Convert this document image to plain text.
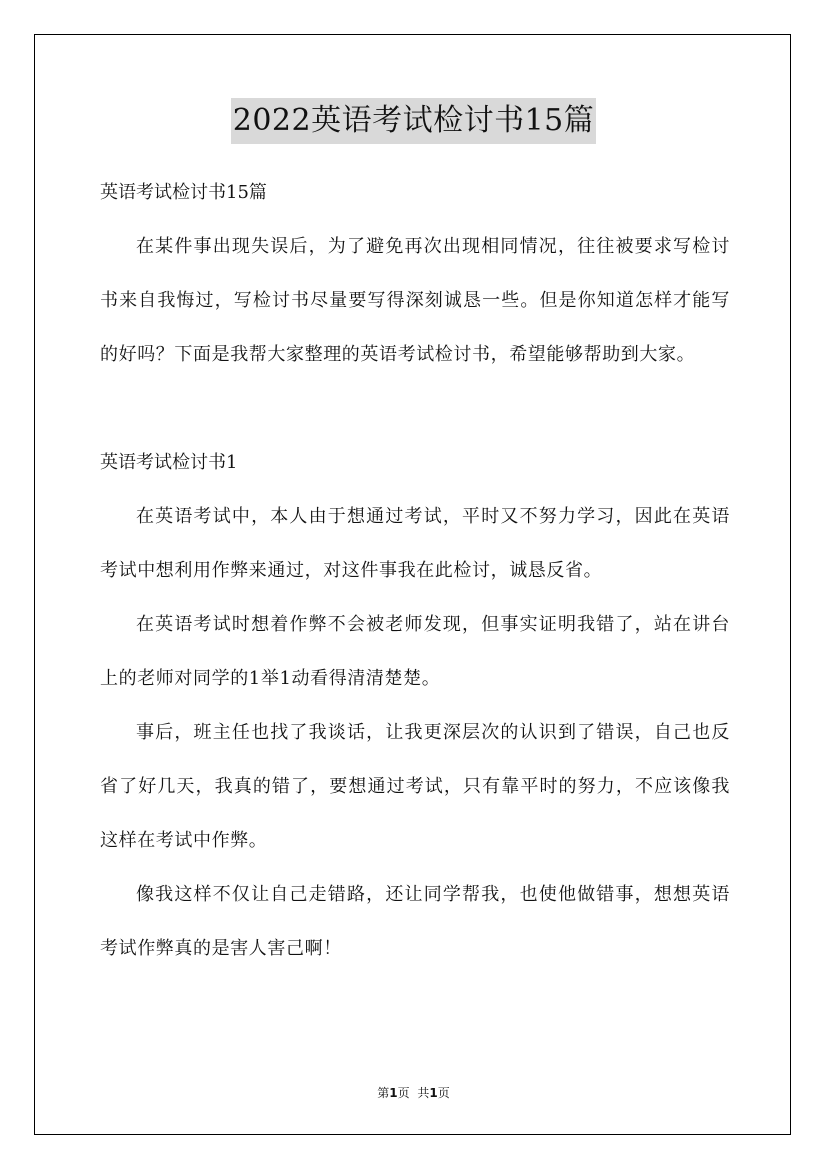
2022英语考试检讨书15篇

英语考试检讨书15篇

在某件事出现失误后，为了避免再次出现相同情况，往往被要求写检讨书来自我悔过，写检讨书尽量要写得深刻诚恳一些。但是你知道怎样才能写的好吗？下面是我帮大家整理的英语考试检讨书，希望能够帮助到大家。

英语考试检讨书1

在英语考试中，本人由于想通过考试，平时又不努力学习，因此在英语考试中想利用作弊来通过，对这件事我在此检讨，诚恳反省。

在英语考试时想着作弊不会被老师发现，但事实证明我错了，站在讲台上的老师对同学的1举1动看得清清楚楚。

事后，班主任也找了我谈话，让我更深层次的认识到了错误，自己也反省了好几天，我真的错了，要想通过考试，只有靠平时的努力，不应该像我这样在考试中作弊。

像我这样不仅让自己走错路，还让同学帮我，也使他做错事，想想英语考试作弊真的是害人害己啊！

第1页 共1页
